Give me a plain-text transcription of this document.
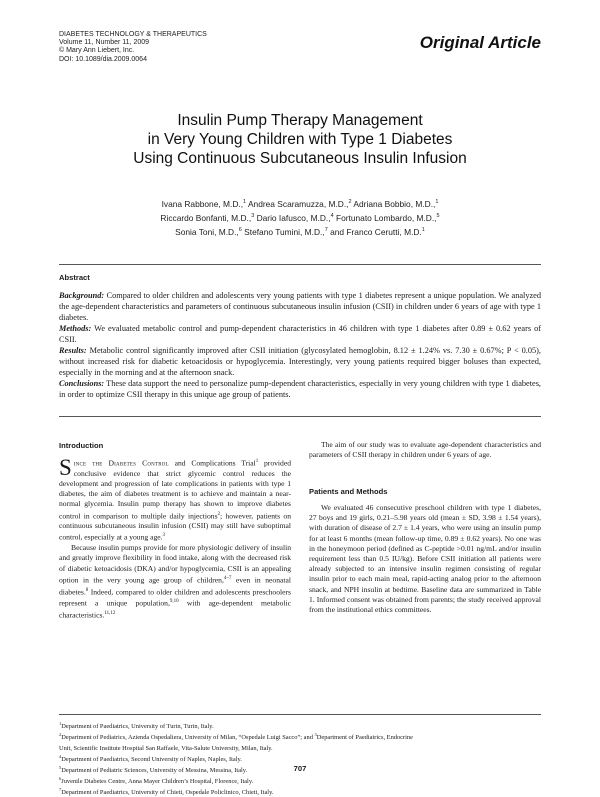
DIABETES TECHNOLOGY & THERAPEUTICS
Volume 11, Number 11, 2009
© Mary Ann Liebert, Inc.
DOI: 10.1089/dia.2009.0064
Original Article
Insulin Pump Therapy Management
in Very Young Children with Type 1 Diabetes
Using Continuous Subcutaneous Insulin Infusion
Ivana Rabbone, M.D.,$^1$ Andrea Scaramuzza, M.D.,$^2$ Adriana Bobbio, M.D.,$^1$
Riccardo Bonfanti, M.D.,$^3$ Dario Iafusco, M.D.,$^4$ Fortunato Lombardo, M.D.,$^5$
Sonia Toni, M.D.,$^6$ Stefano Tumini, M.D.,$^7$ and Franco Cerutti, M.D.$^1$
Abstract

Background: Compared to older children and adolescents very young patients with type 1 diabetes represent a unique population. We analyzed the age-dependent characteristics and parameters of continuous subcutaneous insulin infusion (CSII) in children under 6 years of age with type 1 diabetes.

Methods: We evaluated metabolic control and pump-dependent characteristics in 46 children with type 1 diabetes after 0.89 ± 0.62 years of CSII.

Results: Metabolic control significantly improved after CSII initiation (glycosylated hemoglobin, 8.12 ± 1.24% vs. 7.30 ± 0.67%; P < 0.05), without increased risk for diabetic ketoacidosis or hypoglycemia. Interestingly, very young patients required bigger boluses than expected, especially in the morning and at the afternoon snack.

Conclusions: These data support the need to personalize pump-dependent characteristics, especially in very young children with type 1 diabetes, in order to optimize CSII therapy in this unique age group of patients.

Introduction

Since the Diabetes Control and Complications Trial$^1$ provided conclusive evidence that strict glycemic control reduces the development and progression of late complications in patients with type 1 diabetes, the aim of diabetes treatment is to achieve and maintain a near-normal glycemia. Insulin pump therapy has shown to improve diabetes control in comparison to multiple daily injections$^2$; however, patients on continuous subcutaneous insulin infusion (CSII) may still have suboptimal control, especially at a young age.$^3$

Because insulin pumps provide for more physiologic delivery of insulin and greatly improve flexibility in food intake, along with the decreased risk of diabetic ketoacidosis (DKA) and/or hypoglycemia, CSII is an appealing option in the very young age group of children,$^{4-7}$ even in neonatal diabetes.$^8$ Indeed, compared to older children and adolescents preschoolers represent a unique population,$^{9,10}$ with age-dependent metabolic characteristics.$^{11,12}$

The aim of our study was to evaluate age-dependent characteristics and parameters of CSII therapy in children under 6 years of age.

Patients and Methods

We evaluated 46 consecutive preschool children with type 1 diabetes, 27 boys and 19 girls, 0.21–5.98 years old (mean ± SD, 3.98 ± 1.54 years), with duration of disease of 2.7 ± 1.4 years, who were using an insulin pump for at least 6 months (mean follow-up time, 0.89 ± 0.62 years). No one was in the honeymoon period (defined as C-peptide >0.01 ng/mL and/or insulin requirement less than 0.5 IU/kg). Before CSII initiation all patients were already subjected to an intensive insulin regimen consisting of regular insulin prior to each main meal, rapid-acting analog prior to the afternoon snack, and NPH insulin at bedtime. Baseline data are summarized in Table 1. Informed consent was obtained from parents; the study received approval from the institutional ethics committees.

$^1$Department of Paediatrics, University of Turin, Turin, Italy.
$^2$Department of Pediatrics, Azienda Ospedaliera, University of Milan, “Ospedale Luigi Sacco”; and $^3$Department of Paediatrics, Endocrine
Unit, Scientific Institute Hospital San Raffaele, Vita-Salute University, Milan, Italy.
$^4$Department of Paediatrics, Second University of Naples, Naples, Italy.
$^5$Department of Pediatric Sciences, University of Messina, Messina, Italy.
$^6$Juvenile Diabetes Centre, Anna Mayer Children’s Hospital, Florence, Italy.
$^7$Department of Paediatrics, University of Chieti, Ospedale Policlinico, Chieti, Italy.
707
